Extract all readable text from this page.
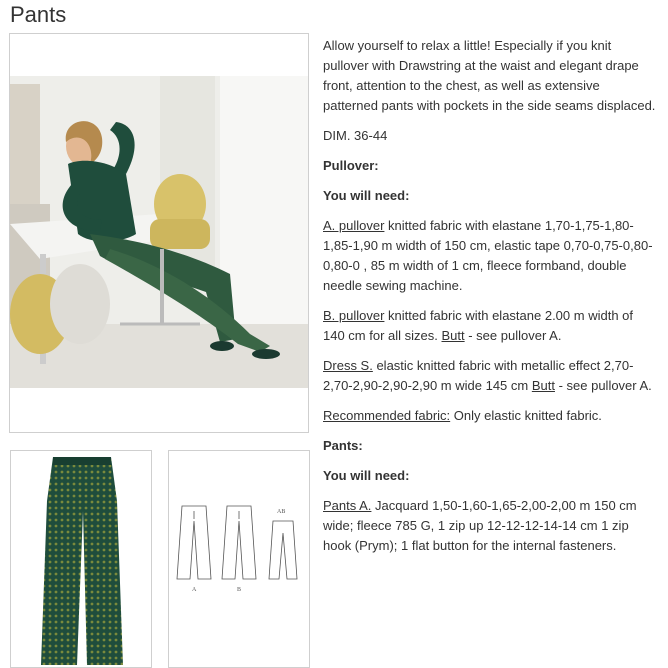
Pants
AB
A	B

Allow yourself to relax a little! Especially if you knit pullover with Drawstring at the waist and elegant drape front, attention to the chest, as well as extensive patterned pants with pockets in the side seams displaced.

DIM. 36-44

Pullover:

You will need:

A. pullover knitted fabric with elastane 1,70-1,75-1,80-1,85-1,90 m width of 150 cm, elastic tape 0,70-0,75-0,80-0,80-0 , 85 m width of 1 cm, fleece formband, double needle sewing machine.

B. pullover knitted fabric with elastane 2.00 m width of 140 cm for all sizes. Butt - see pullover A.

Dress S. elastic knitted fabric with metallic effect 2,70-2,70-2,90-2,90-2,90 m wide 145 cm Butt - see pullover A.

Recommended fabric: Only elastic knitted fabric.

Pants:

You will need:

Pants A. Jacquard 1,50-1,60-1,65-2,00-2,00 m 150 cm wide; fleece 785 G, 1 zip up 12-12-12-14-14 cm 1 zip hook (Prym); 1 flat button for the internal fasteners.
